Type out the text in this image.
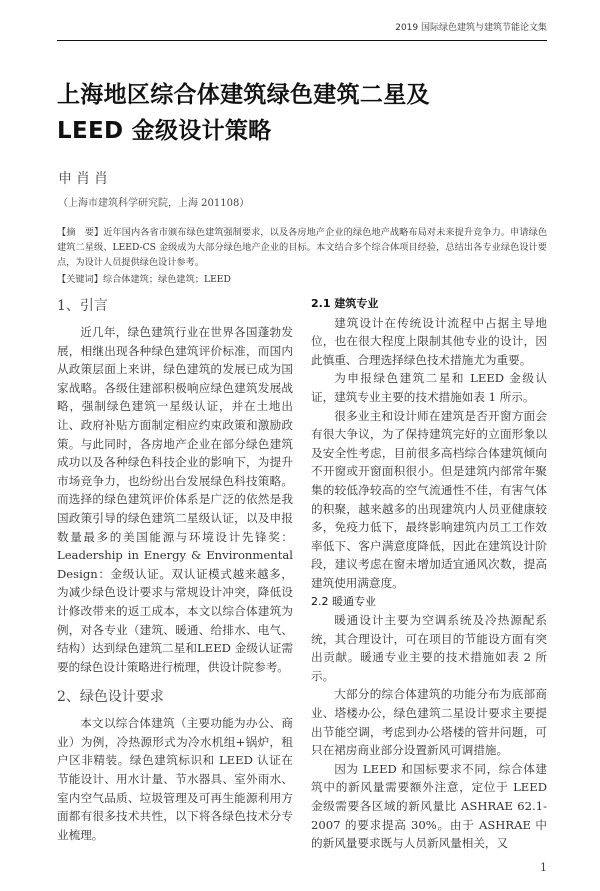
2019 国际绿色建筑与建筑节能论文集
上海地区综合体建筑绿色建筑二星及
LEED 金级设计策略
申肖肖
（上海市建筑科学研究院，上海 201108）
【摘　要】近年国内各省市颁布绿色建筑强制要求，以及各房地产企业的绿色地产战略布局对未来提升竞争力。申请绿色建筑二星级、LEED-CS 金级成为大部分绿色地产企业的目标。本文结合多个综合体项目经验，总结出各专业绿色设计要点，为设计人员提供绿色设计参考。
【关键词】综合体建筑；绿色建筑；LEED
1、引言

近几年，绿色建筑行业在世界各国蓬勃发展，相继出现各种绿色建筑评价标准，而国内从政策层面上来讲，绿色建筑的发展已成为国家战略。各级住建部积极响应绿色建筑发展战略，强制绿色建筑一星级认证，并在土地出让、政府补贴方面制定相应约束政策和激励政策。与此同时，各房地产企业在部分绿色建筑成功以及各种绿色科技企业的影响下，为提升市场竞争力，也纷纷出台发展绿色科技策略。而选择的绿色建筑评价体系是广泛的依然是我国政策引导的绿色建筑二星级认证，以及申报数量最多的美国能源与环境设计先锋奖：Leadership in Energy & Environmental Design：金级认证。双认证模式越来越多，为减少绿色设计要求与常规设计冲突，降低设计修改带来的返工成本，本文以综合体建筑为例，对各专业（建筑、暖通、给排水、电气、结构）达到绿色建筑二星和LEED 金级认证需要的绿色设计策略进行梳理，供设计院参考。

2、绿色设计要求

本文以综合体建筑（主要功能为办公、商业）为例，冷热源形式为冷水机组+锅炉，租户区非精装。绿色建筑标识和 LEED 认证在节能设计、用水计量、节水器具、室外雨水、室内空气品质、垃圾管理及可再生能源利用方面都有很多技术共性，以下将各绿色技术分专业梳理。

2.1 建筑专业

建筑设计在传统设计流程中占据主导地位，也在很大程度上限制其他专业的设计，因此慎重、合理选择绿色技术措施尤为重要。

为申报绿色建筑二星和 LEED 金级认证，建筑专业主要的技术措施如表 1 所示。

很多业主和设计师在建筑是否开窗方面会有很大争议，为了保持建筑完好的立面形象以及安全性考虑，目前很多高档综合体建筑倾向不开窗或开窗面积很小。但是建筑内部常年聚集的较低净较高的空气流通性不佳，有害气体的积聚，越来越多的出现建筑内人员亚健康较多，免疫力低下，最终影响建筑内员工工作效率低下、客户满意度降低，因此在建筑设计阶段，建议考虑在窗未增加适宜通风次数，提高建筑使用满意度。

2.2 暖通专业

暖通设计主要为空调系统及冷热源配系统，其合理设计，可在项目的节能设方面有突出贡献。暖通专业主要的技术措施如表 2 所示。

大部分的综合体建筑的功能分布为底部商业、塔楼办公，绿色建筑二星设计要求主要提出节能空调，考虑到办公塔楼的管井问题，可只在裙房商业部分设置新风可调措施。

因为 LEED 和国标要求不同，综合体建筑中的新风量需要额外注意，定位于 LEED 金级需要各区域的新风量比 ASHRAE 62.1-2007 的要求提高 30%。由于 ASHRAE 中的新风量要求既与人员新风量相关，又

1
